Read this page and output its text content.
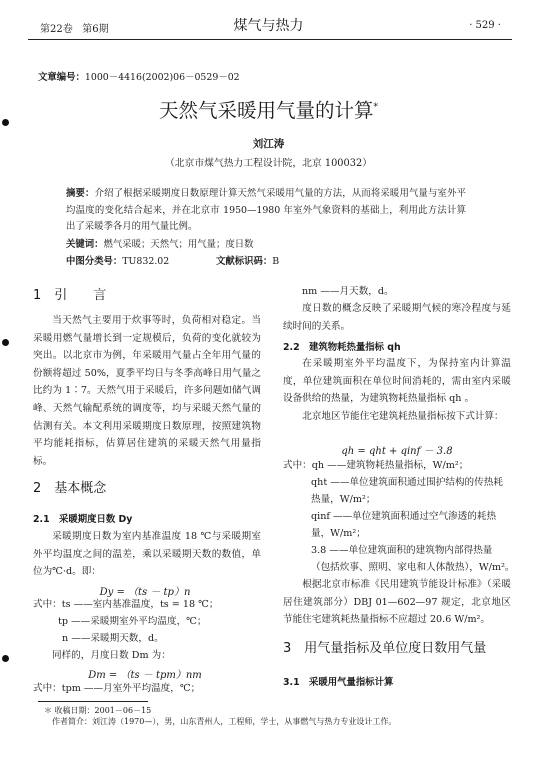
第22卷 第6期	煤气与热力	· 529 ·
文章编号：1000－4416(2002)06－0529－02
天然气采暖用气量的计算*
刘江涛
（北京市煤气热力工程设计院，北京 100032）
摘要：介绍了根据采暖期度日数原理计算天然气采暖用气量的方法，从而将采暖用气量与室外平均温度的变化结合起来，并在北京市 1950—1980 年室外气象资料的基础上，利用此方法计算出了采暖季各月的用气量比例。
关键词：燃气采暖；天然气；用气量；度日数
中图分类号：TU832.02	文献标识码：B
1　引　　言

当天然气主要用于炊事等时，负荷相对稳定。当采暖用燃气量增长到一定规模后，负荷的变化就较为突出。以北京市为例，年采暖用气量占全年用气量的份额将超过 50%，夏季平均日与冬季高峰日用气量之比约为 1∶7。天然气用于采暖后，许多问题如储气调峰、天然气输配系统的调度等，均与采暖天然气量的估测有关。本文利用采暖期度日数原理，按照建筑物平均能耗指标，估算居住建筑的采暖天然气用量指标。

2　基本概念
2.1　采暖期度日数 Dy

采暖期度日数为室内基准温度 18 ℃与采暖期室外平均温度之间的温差，乘以采暖期天数的数值，单位为℃·d。即：

Dy = （ts － tp）n
式中：ts ——室内基准温度，ts = 18 ℃；
tp ——采暖期室外平均温度，℃；
n ——采暖期天数，d。
同样的，月度日数 Dm 为：
Dm = （ts － tpm）nm
式中：tpm ——月室外平均温度，℃；
nm ——月天数，d。

度日数的概念反映了采暖期气候的寒冷程度与延续时间的关系。

2.2　建筑物耗热量指标 qh

在采暖期室外平均温度下，为保持室内计算温度，单位建筑面积在单位时间消耗的，需由室内采暖设备供给的热量，为建筑物耗热量指标 qh 。

北京地区节能住宅建筑耗热量指标按下式计算：

qh = qht + qinf － 3.8
式中：qh ——建筑物耗热量指标，W/m²；
qht ——单位建筑面积通过围护结构的传热耗
热量，W/m²；
qinf ——单位建筑面积通过空气渗透的耗热
量，W/m²；
3.8 ——单位建筑面积的建筑物内部得热量
（包括炊事、照明、家电和人体散热），W/m²。

根据北京市标准《民用建筑节能设计标准》（采暖居住建筑部分）DBJ 01—602—97 规定，北京地区节能住宅建筑耗热量指标不应超过 20.6 W/m²。

3　用气量指标及单位度日数用气量
3.1　采暖用气量指标计算
＊ 收稿日期：2001－06－15
作者简介：刘江涛（1970—），男，山东青州人，工程师，学士，从事燃气与热力专业设计工作。
